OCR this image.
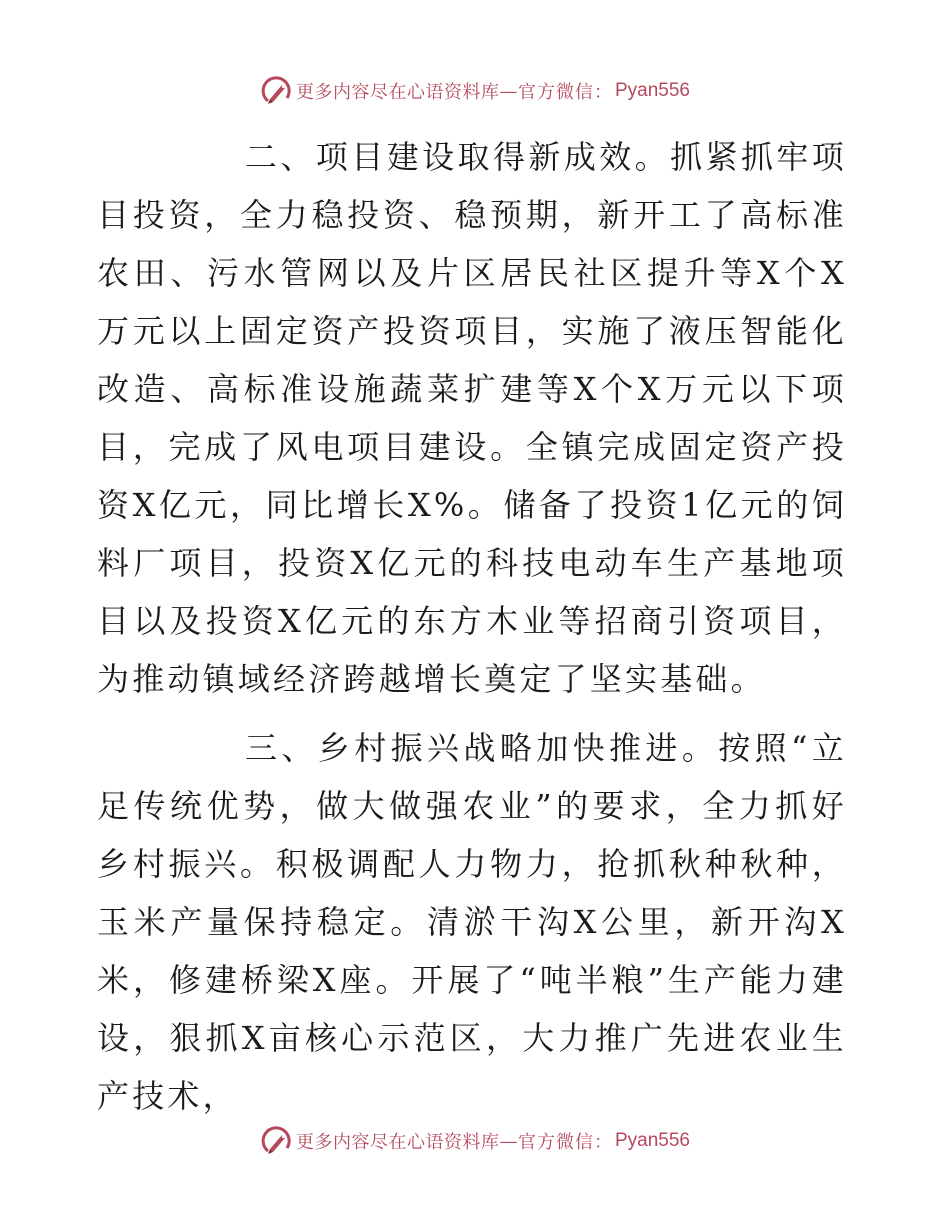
更多内容尽在心语资料库 — 官方微信： Pyan556

二、项目建设取得新成效。抓紧抓牢项目投资，全力稳投资、稳预期，新开工了高标准农田、污水管网以及片区居民社区提升等X个X万元以上固定资产投资项目，实施了液压智能化改造、高标准设施蔬菜扩建等X个X万元以下项目，完成了风电项目建设。全镇完成固定资产投资X亿元，同比增长X%。储备了投资1亿元的饲料厂项目，投资X亿元的科技电动车生产基地项目以及投资X亿元的东方木业等招商引资项目，为推动镇域经济跨越增长奠定了坚实基础。

三、乡村振兴战略加快推进。按照“立足传统优势，做大做强农业”的要求，全力抓好乡村振兴。积极调配人力物力，抢抓秋种秋种，玉米产量保持稳定。清淤干沟X公里，新开沟X米，修建桥梁X座。开展了“吨半粮”生产能力建设，狠抓X亩核心示范区，大力推广先进农业生产技术，

更多内容尽在心语资料库 — 官方微信： Pyan556
